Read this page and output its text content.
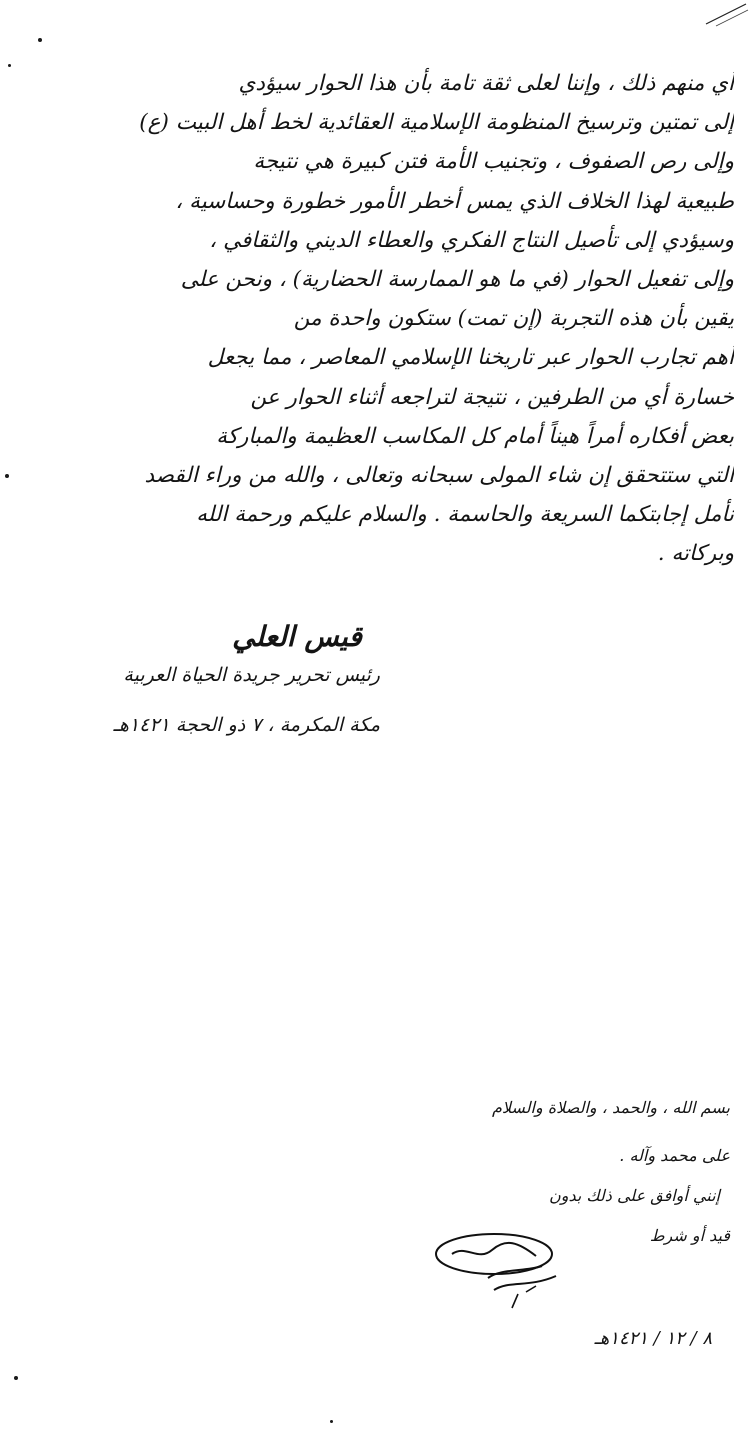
أي منهم ذلك ، وإننا لعلى ثقة تامة بأن هذا الحوار سيؤدي
إلى تمتين وترسيخ المنظومة الإسلامية العقائدية لخط أهل البيت (ع)
وإلى رص الصفوف ، وتجنيب الأمة فتن كبيرة هي نتيجة
طبيعية لهذا الخلاف الذي يمس أخطر الأمور خطورة وحساسية ،
وسيؤدي إلى تأصيل النتاج الفكري والعطاء الديني والثقافي ،
وإلى تفعيل الحوار (في ما هو الممارسة الحضارية) ، ونحن على
يقين بأن هذه التجربة (إن تمت) ستكون واحدة من
أهم تجارب الحوار عبر تاريخنا الإسلامي المعاصر ، مما يجعل
خسارة أي من الطرفين ، نتيجة لتراجعه أثناء الحوار عن
بعض أفكاره أمراً هيناً أمام كل المكاسب العظيمة والمباركة
التي ستتحقق إن شاء المولى سبحانه وتعالى ، والله من وراء القصد
نأمل إجابتكما السريعة والحاسمة . والسلام عليكم ورحمة الله
وبركاته .
قيس العلي
رئيس تحرير جريدة الحياة العربية
مكة المكرمة ، ٧ ذو الحجة ١٤٢١هـ
بسم الله ، والحمد ، والصلاة والسلام
على محمد وآله .
إنني أوافق على ذلك بدون
قيد أو شرط
٨ / ١٢ / ١٤٢١هـ
